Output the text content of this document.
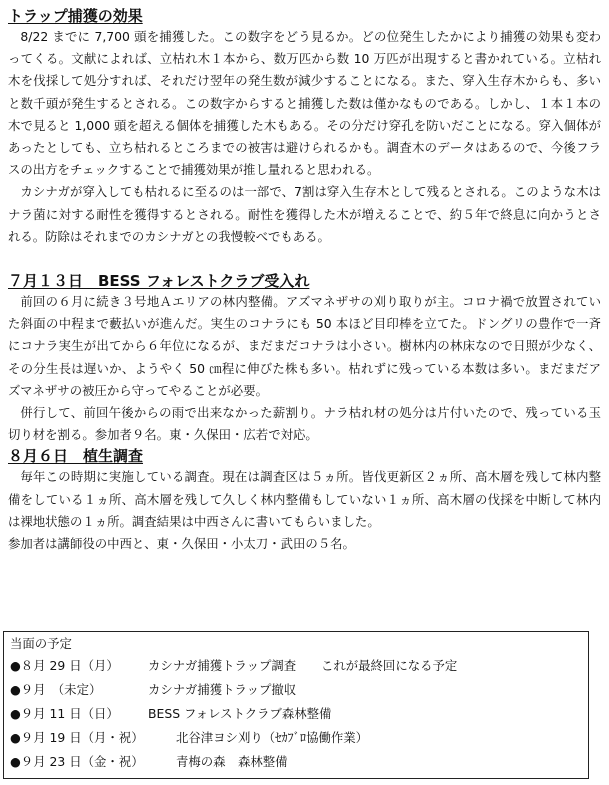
トラップ捕獲の効果

8/22 までに 7,700 頭を捕獲した。この数字をどう見るか。どの位発生したかにより捕獲の効果も変わってくる。文献によれば、立枯れ木１本から、数万匹から数 10 万匹が出現すると書かれている。立枯れ木を伐採して処分すれば、それだけ翌年の発生数が減少することになる。また、穿入生存木からも、多いと数千頭が発生するとされる。この数字からすると捕獲した数は僅かなものである。しかし、１本１本の木で見ると 1,000 頭を超える個体を捕獲した木もある。その分だけ穿孔を防いだことになる。穿入個体があったとしても、立ち枯れるところまでの被害は避けられるかも。調査木のデータはあるので、今後フラスの出方をチェックすることで捕獲効果が推し量れると思われる。

カシナガが穿入しても枯れるに至るのは一部で、7割は穿入生存木として残るとされる。このような木はナラ菌に対する耐性を獲得するとされる。耐性を獲得した木が増えることで、約５年で終息に向かうとされる。防除はそれまでのカシナガとの我慢較べでもある。

７月１３日　BESS フォレストクラブ受入れ

前回の６月に続き３号地Ａエリアの林内整備。アズマネザサの刈り取りが主。コロナ禍で放置されていた斜面の中程まで藪払いが進んだ。実生のコナラにも 50 本ほど目印棒を立てた。ドングリの豊作で一斉にコナラ実生が出てから６年位になるが、まだまだコナラは小さい。樹林内の林床なので日照が少なく、その分生長は遅いか、ようやく 50 ㎝程に伸びた株も多い。枯れずに残っている本数は多い。まだまだアズマネザサの被圧から守ってやることが必要。

併行して、前回午後からの雨で出来なかった薪割り。ナラ枯れ材の処分は片付いたので、残っている玉切り材を割る。参加者９名。東・久保田・広若で対応。

８月６日　植生調査

毎年この時期に実施している調査。現在は調査区は５ヵ所。皆伐更新区２ヵ所、高木層を残して林内整備をしている１ヵ所、高木層を残して久しく林内整備もしていない１ヵ所、高木層の伐採を中断して林内は裸地状態の１ヵ所。調査結果は中西さんに書いてもらいました。

参加者は講師役の中西と、東・久保田・小太刀・武田の５名。

当面の予定

●８月 29 日（月）	カシナガ捕獲トラップ調査　　これが最終回になる予定
●９月　（未定）	カシナガ捕獲トラップ撤収
●９月 11 日（日）	BESS フォレストクラブ森林整備
●９月 19 日（月・祝）	北谷津ヨシ刈り（ｾｶﾌﾞﾛ協働作業）
●９月 23 日（金・祝）	青梅の森　森林整備
